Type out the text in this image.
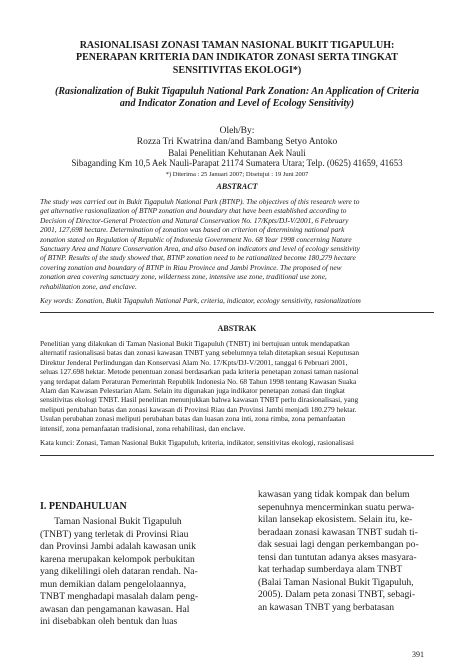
RASIONALISASI ZONASI TAMAN NASIONAL BUKIT TIGAPULUH:
PENERAPAN KRITERIA DAN INDIKATOR ZONASI SERTA TINGKAT
SENSITIVITAS EKOLOGI*)
(Rasionalization of Bukit Tigapuluh National Park Zonation: An Application of Criteria
and Indicator Zonation and Level of Ecology Sensitivity)
Oleh/By:
Rozza Tri Kwatrina dan/and Bambang Setyo Antoko
Balai Penelitian Kehutanan Aek Nauli
Sibaganding Km 10,5 Aek Nauli-Parapat 21174 Sumatera Utara; Telp. (0625) 41659, 41653
*) Diterima : 25 Januari 2007; Disetujui : 19 Juni 2007
ABSTRACT
The study was carried out in Bukit Tigapuluh National Park (BTNP). The objectives of this research were to
get alternative rasionalization of BTNP zonation and boundary that have been established according to
Decision of Director-General Protection and Natural Conservation No. 17/Kpts/DJ-V/2001, 6 February
2001, 127,698 hectare. Determination of zonation was based on criterion of determining national park
zonation stated on Regulation of Republic of Indonesia Government No. 68 Year 1998 concerning Nature
Sanctuary Area and Nature Conservation Area, and also based on indicators and level of ecology sensitivity
of BTNP. Results of the study showed that, BTNP zonation need to be rationalized become 180,279 hectare
covering zonation and boundary of BTNP in Riau Province and Jambi Province. The proposed of new
zonation area covering sanctuary zone, wilderness zone, intensive use zone, traditional use zone,
rehabilitation zone, and enclave.
Key words: Zonation, Bukit Tigapuluh National Park, criteria, indicator, ecology sensitivity, rasionalizatiom
ABSTRAK
Penelitian yang dilakukan di Taman Nasional Bukit Tigapuluh (TNBT) ini bertujuan untuk mendapatkan
alternatif rasionalisasi batas dan zonasi kawasan TNBT yang sebelumnya telah ditetapkan sesuai Keputusan
Direktur Jenderal Perlindungan dan Konservasi Alam No. 17/Kpts/DJ-V/2001, tanggal 6 Pebruari 2001,
seluas 127.698 hektar. Metode penentuan zonasi berdasarkan pada kriteria penetapan zonasi taman nasional
yang terdapat dalam Peraturan Pemerintah Republik Indonesia No. 68 Tahun 1998 tentang Kawasan Suaka
Alam dan Kawasan Pelestarian Alam. Selain itu digunakan juga indikator penetapan zonasi dan tingkat
sensitivitas ekologi TNBT. Hasil penelitian menunjukkan bahwa kawasan TNBT perlu dirasionalisasi, yang
meliputi perubahan batas dan zonasi kawasan di Provinsi Riau dan Provinsi Jambi menjadi 180.279 hektar.
Usulan perubahan zonasi meliputi perubahan batas dan luasan zona inti, zona rimba, zona pemanfaatan
intensif, zona pemanfaatan tradisional, zona rehabilitasi, dan enclave.
Kata kunci: Zonasi, Taman Nasional Bukit Tigapuluh, kriteria, indikator, sensitivitas ekologi, rasionalisasi
I. PENDAHULUAN
Taman Nasional Bukit Tigapuluh
(TNBT) yang terletak di Provinsi Riau
dan Provinsi Jambi adalah kawasan unik
karena merupakan kelompok perbukitan
yang dikelilingi oleh dataran rendah. Na-
mun demikian dalam pengelolaannya,
TNBT menghadapi masalah dalam peng-
awasan dan pengamanan kawasan. Hal
ini disebabkan oleh bentuk dan luas
kawasan yang tidak kompak dan belum
sepenuhnya mencerminkan suatu perwa-
kilan lansekap ekosistem. Selain itu, ke-
beradaan zonasi kawasan TNBT sudah ti-
dak sesuai lagi dengan perkembangan po-
tensi dan tuntutan adanya akses masyara-
kat terhadap sumberdaya alam TNBT
(Balai Taman Nasional Bukit Tigapuluh,
2005). Dalam peta zonasi TNBT, sebagi-
an kawasan TNBT yang berbatasan
391
